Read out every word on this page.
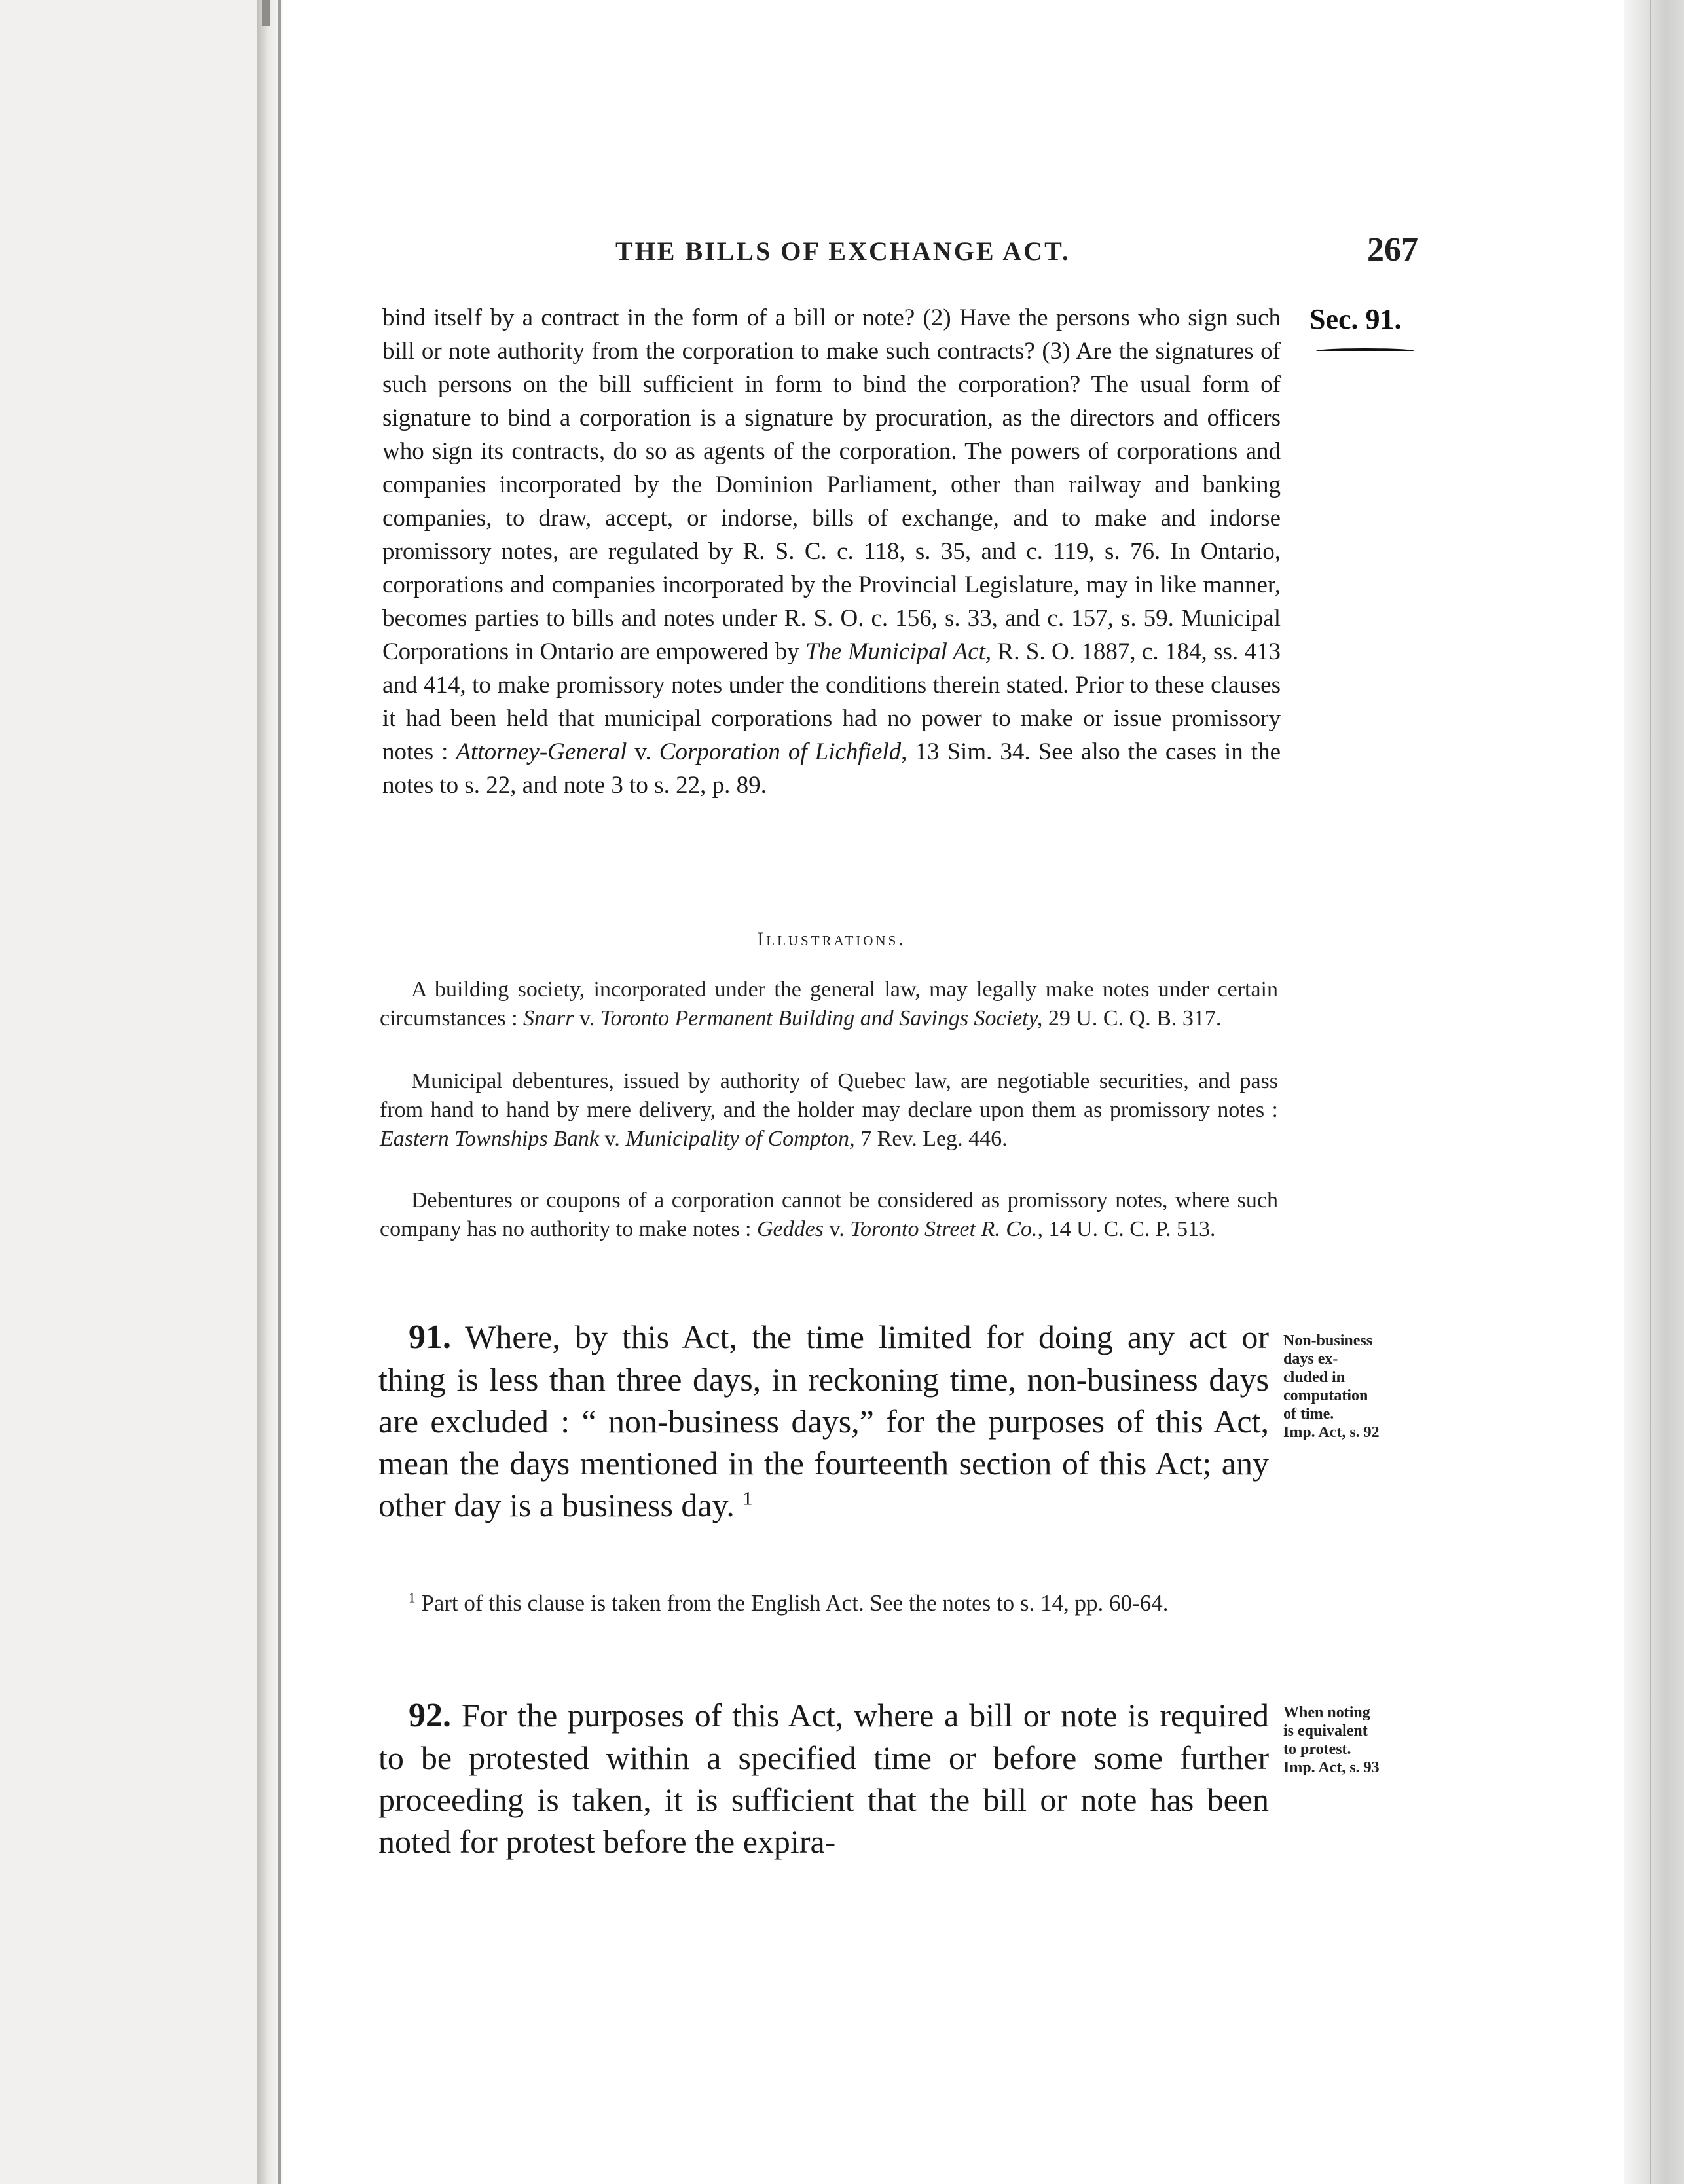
THE BILLS OF EXCHANGE ACT.	267
Sec. 91.

bind itself by a contract in the form of a bill or note? (2) Have the persons who sign such bill or note authority from the corporation to make such contracts? (3) Are the signatures of such persons on the bill sufficient in form to bind the corporation? The usual form of signature to bind a corporation is a signature by procuration, as the directors and officers who sign its contracts, do so as agents of the corporation. The powers of corporations and companies incorporated by the Dominion Parliament, other than railway and banking companies, to draw, accept, or indorse, bills of exchange, and to make and indorse promissory notes, are regulated by R. S. C. c. 118, s. 35, and c. 119, s. 76. In Ontario, corporations and companies incorporated by the Provincial Legislature, may in like manner, becomes parties to bills and notes under R. S. O. c. 156, s. 33, and c. 157, s. 59. Municipal Corporations in Ontario are empowered by The Municipal Act, R. S. O. 1887, c. 184, ss. 413 and 414, to make promissory notes under the conditions therein stated. Prior to these clauses it had been held that municipal corporations had no power to make or issue promissory notes : Attorney-General v. Corporation of Lichfield, 13 Sim. 34. See also the cases in the notes to s. 22, and note 3 to s. 22, p. 89.

Illustrations.

A building society, incorporated under the general law, may legally make notes under certain circumstances : Snarr v. Toronto Permanent Building and Savings Society, 29 U. C. Q. B. 317.

Municipal debentures, issued by authority of Quebec law, are negotiable securities, and pass from hand to hand by mere delivery, and the holder may declare upon them as promissory notes : Eastern Townships Bank v. Municipality of Compton, 7 Rev. Leg. 446.

Debentures or coupons of a corporation cannot be considered as promissory notes, where such company has no authority to make notes : Geddes v. Toronto Street R. Co., 14 U. C. C. P. 513.

91. Where, by this Act, the time limited for doing any act or thing is less than three days, in reckoning time, non-business days are excluded : “ non-business days,” for the purposes of this Act, mean the days mentioned in the fourteenth section of this Act; any other day is a business day. $^1$

Non-business
days ex-
cluded in
computation
of time.
Imp. Act, s. 92

$^1$ Part of this clause is taken from the English Act. See the notes to s. 14, pp. 60-64.

92. For the purposes of this Act, where a bill or note is required to be protested within a specified time or before some further proceeding is taken, it is sufficient that the bill or note has been noted for protest before the expira-

When noting
is equivalent
to protest.
Imp. Act, s. 93
